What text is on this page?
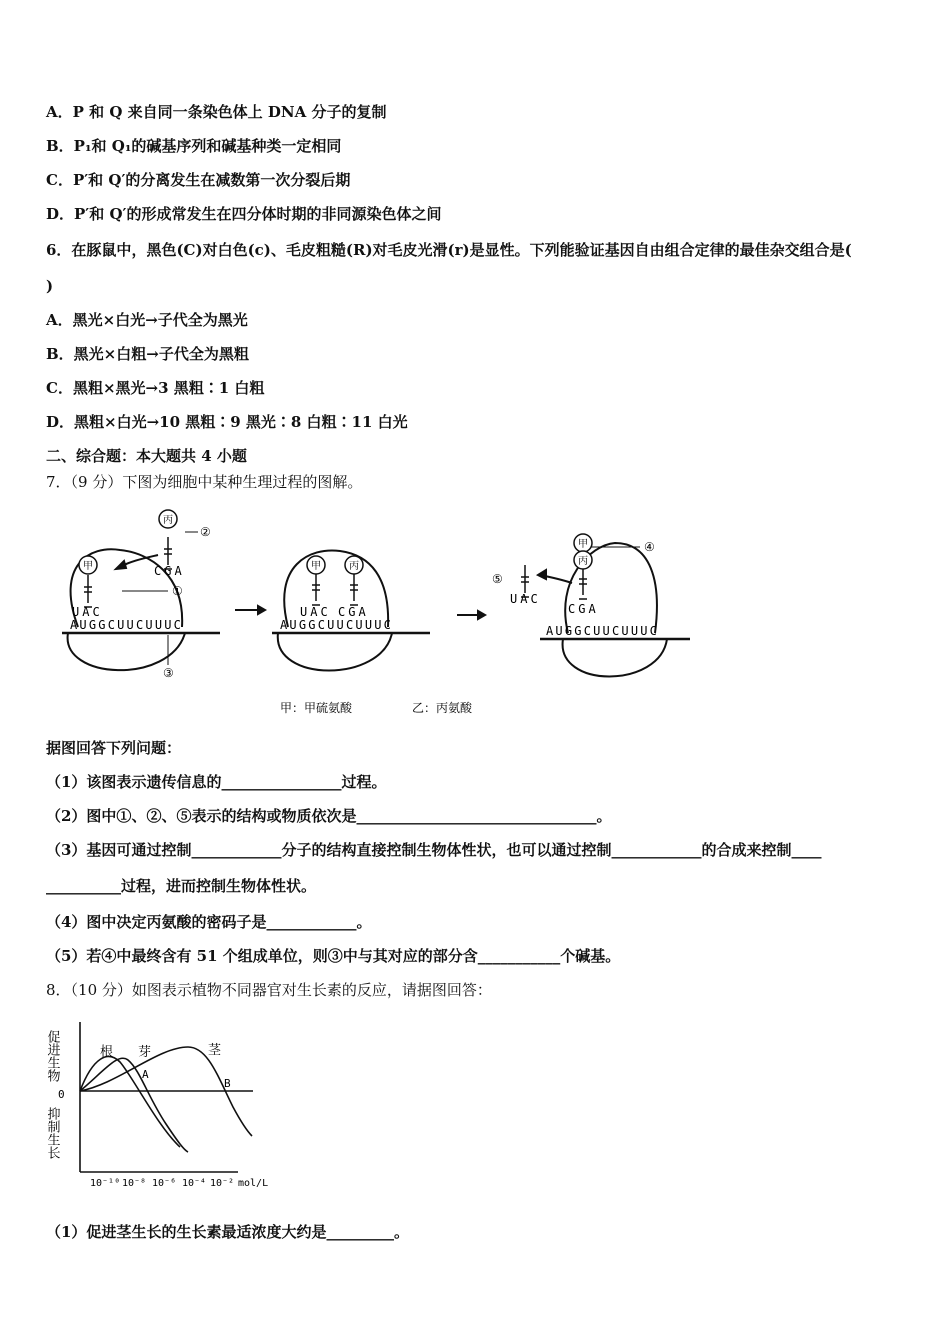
A．P 和 Q 来自同一条染色体上 DNA 分子的复制
B．P₁和 Q₁的碱基序列和碱基种类一定相同
C．P′和 Q′的分离发生在减数第一次分裂后期
D．P′和 Q′的形成常发生在四分体时期的非同源染色体之间
6．在豚鼠中，黑色(C)对白色(c)、毛皮粗糙(R)对毛皮光滑(r)是显性。下列能验证基因自由组合定律的最佳杂交组合是(
)
A．黑光×白光→子代全为黑光
B．黑光×白粗→子代全为黑粗
C．黑粗×黑光→3 黑粗∶1 白粗
D．黑粗×白光→10 黑粗∶9 黑光∶8 白粗∶11 白光
二、综合题：本大题共 4 小题
7．（9 分）下图为细胞中某种生理过程的图解。
丙
甲	甲	丙
甲
丙
CGA
UAC	UAC CGA	CGA
UAC
AUGGCUUCUUUC	AUGGCUUCUUUC	AUGGCUUCUUUC
②
①
③
④
⑤
甲：甲硫氨酸	乙：丙氨酸
据图回答下列问题：
（1）该图表示遗传信息的________________过程。
（2）图中①、②、⑤表示的结构或物质依次是________________________________。
（3）基因可通过控制____________分子的结构直接控制生物体性状，也可以通过控制____________的合成来控制____
__________过程，进而控制生物体性状。
（4）图中决定丙氨酸的密码子是____________。
（5）若④中最终含有 51 个组成单位，则③中与其对应的部分含___________个碱基。
8．（10 分）如图表示植物不同器官对生长素的反应，请据图回答：
促进生物
0
抑制生长
根 芽	茎
A
B
10⁻¹⁰ 10⁻⁸ 10⁻⁶ 10⁻⁴ 10⁻² mol/L
（1）促进茎生长的生长素最适浓度大约是_________。
